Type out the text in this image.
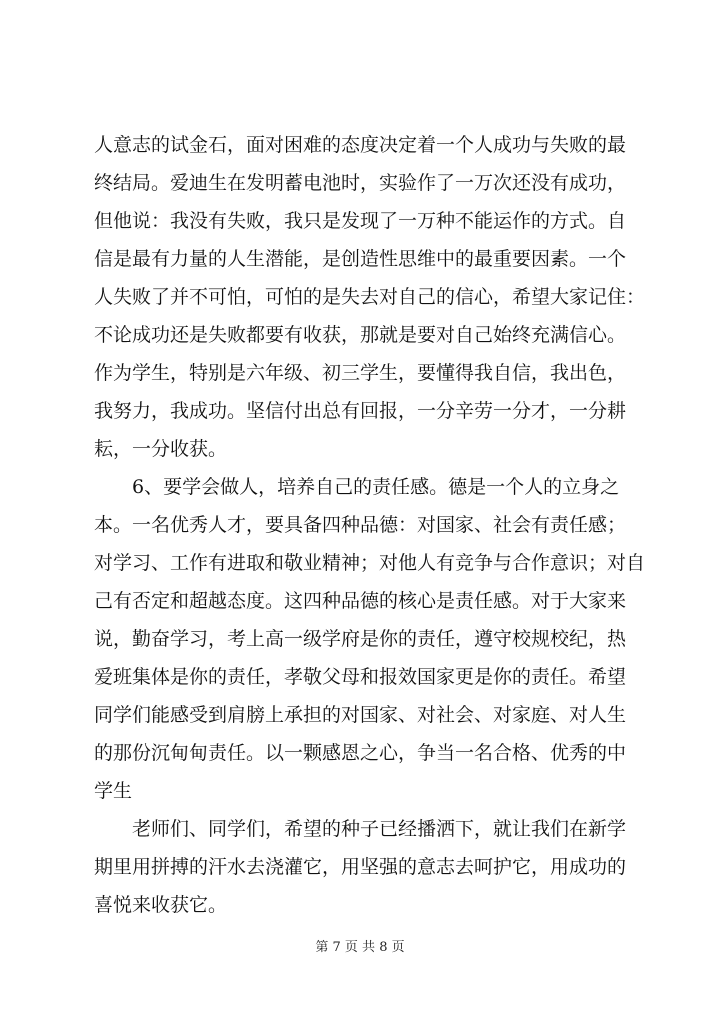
人意志的试金石，面对困难的态度决定着一个人成功与失败的最
终结局。爱迪生在发明蓄电池时，实验作了一万次还没有成功，
但他说：我没有失败，我只是发现了一万种不能运作的方式。自
信是最有力量的人生潜能，是创造性思维中的最重要因素。一个
人失败了并不可怕，可怕的是失去对自己的信心，希望大家记住：
不论成功还是失败都要有收获，那就是要对自己始终充满信心。
作为学生，特别是六年级、初三学生，要懂得我自信，我出色，
我努力，我成功。坚信付出总有回报，一分辛劳一分才，一分耕
耘，一分收获。
　　6、要学会做人，培养自己的责任感。德是一个人的立身之
本。一名优秀人才，要具备四种品德：对国家、社会有责任感；
对学习、工作有进取和敬业精神；对他人有竞争与合作意识；对自
己有否定和超越态度。这四种品德的核心是责任感。对于大家来
说，勤奋学习，考上高一级学府是你的责任，遵守校规校纪，热
爱班集体是你的责任，孝敬父母和报效国家更是你的责任。希望
同学们能感受到肩膀上承担的对国家、对社会、对家庭、对人生
的那份沉甸甸责任。以一颗感恩之心，争当一名合格、优秀的中
学生
　　老师们、同学们，希望的种子已经播洒下，就让我们在新学
期里用拼搏的汗水去浇灌它，用坚强的意志去呵护它，用成功的
喜悦来收获它。
第 7 页 共 8 页
